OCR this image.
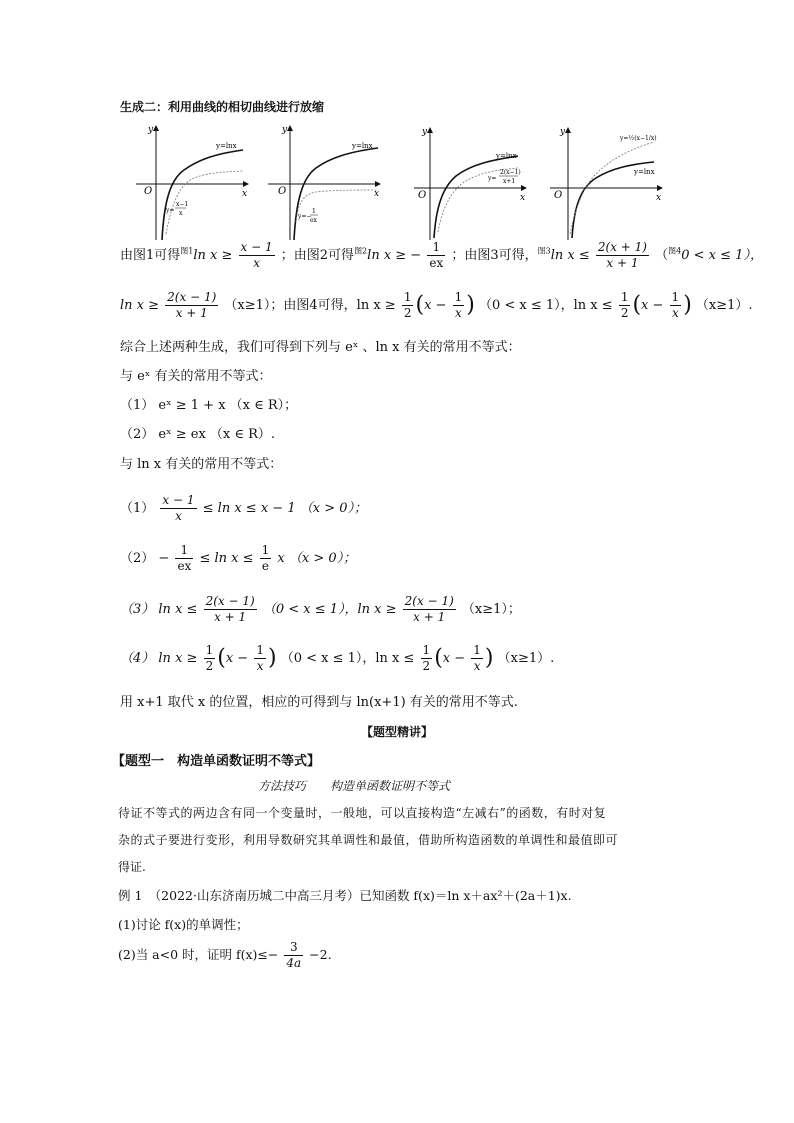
生成二：利用曲线的相切曲线进行放缩
y
O	x
y=lnx
y=
x−1
x
y
O	x
y=lnx
y=−
1
ex
y
O	x
y=lnx
y=
2(x−1)
x+1
y
O	x
y=½(x−1/x)
y=lnx
由图1可得$^{图1}$ln $x \ge \frac{x - 1}{x}$ ；由图2可得$^{图2}$ln x ≥ − $\frac{1}{ex}$ ；由图3可得，$^{图3}$ln $x \le \frac{2(x + 1)}{x + 1} (^{图4}0 < x \le 1)$，
$\ln x \ge \frac{2(x - 1)}{x + 1} (x\ge 1)$；由图4可得，$\ln x \ge \frac{1}{2} (x - \frac{1}{x}$ ) （0 < x ≤ 1），$\ln x \le \frac{1}{2} (x - \frac{1}{x}$ ) （x≥1）.
综合上述两种生成，我们可得到下列与 eˣ 、ln x 有关的常用不等式：
与 eˣ 有关的常用不等式：
（1） eˣ ≥ 1 + x （x ∈ R）；
（2） eˣ ≥ ex （x ∈ R）.
与 ln x 有关的常用不等式：
$(1) \frac{x - 1}{x} \le \ln x \le x - 1$ （x > 0）；
$(2) - \frac{1}{ex} \le \ln x \le \frac{1}{e}$ x （x > 0）；
（3） $\ln x \le \frac{2(x - 1)}{x + 1} (0 < x \le 1)$，$\ln x \ge \frac{2(x - 1)}{x + 1} (x\ge 1)$；
（4） $\ln x \ge \frac{1}{2} (x - \frac{1}{x}$ ) （0 < x ≤ 1），$\ln x \le \frac{1}{2} (x - \frac{1}{x}$ ) （x≥1）.
用 x+1 取代 x 的位置，相应的可得到与 ln(x+1) 有关的常用不等式.
【题型精讲】
【题型一　构造单函数证明不等式】
方法技巧　　构造单函数证明不等式
待证不等式的两边含有同一个变量时，一般地，可以直接构造“左减右”的函数，有时对复
杂的式子要进行变形，利用导数研究其单调性和最值，借助所构造函数的单调性和最值即可
得证.
例 1　（2022·山东济南历城二中高三月考）已知函数 f(x)＝ln x＋ax²＋(2a＋1)x.
(1)讨论 f(x)的单调性；
(2)当 a<0 时，证明 $f(x)\le- \frac{3}{4a} -2$.
